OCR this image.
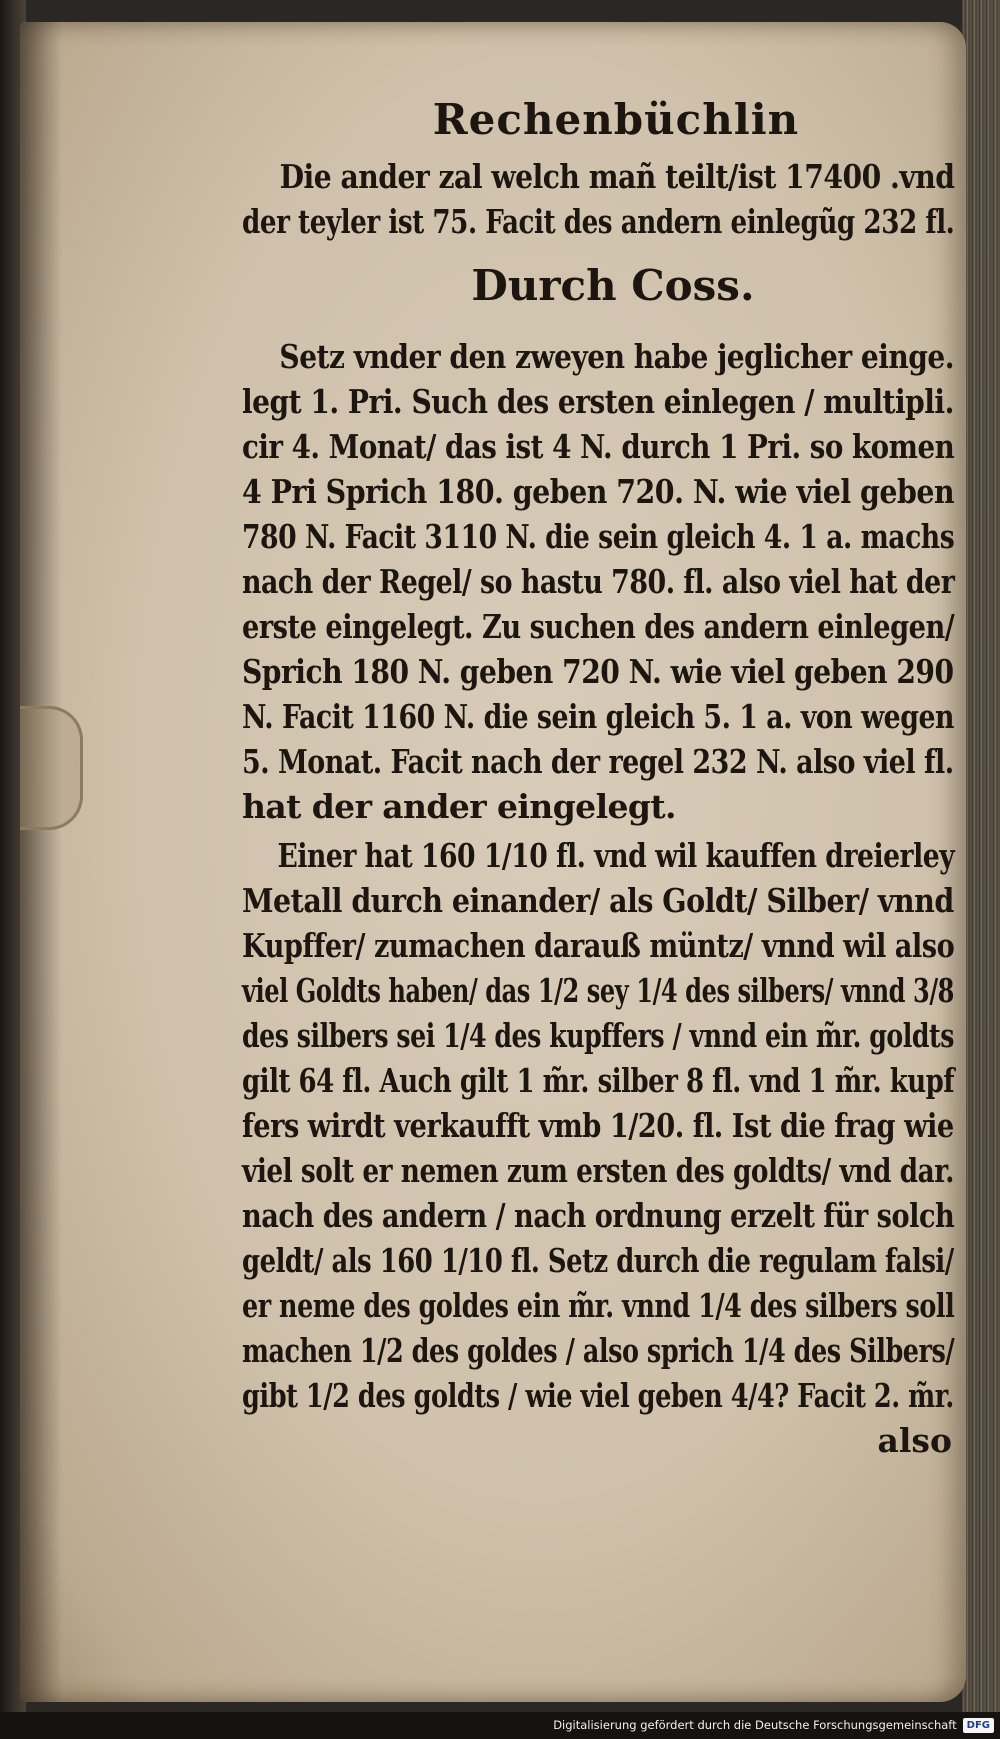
Rechenbüchlin
Die ander zal welch mañ teilt/ist 17400 .vnd
der teyler ist 75. Facit des andern einlegũg 232 fl.
Durch Coss.
Setz vnder den zweyen habe jeglicher einge.
legt 1. Pri. Such des ersten einlegen / multipli.
cir 4. Monat/ das ist 4 N. durch 1 Pri. so komen
4 Pri Sprich 180. geben 720. N. wie viel geben
780 N. Facit 3110 N. die sein gleich 4. 1 a. machs
nach der Regel/ so hastu 780. fl. also viel hat der
erste eingelegt. Zu suchen des andern einlegen/
Sprich 180 N. geben 720 N. wie viel geben 290
N. Facit 1160 N. die sein gleich 5. 1 a. von wegen
5. Monat. Facit nach der regel 232 N. also viel fl.
hat der ander eingelegt.
Einer hat 160 1/10 fl. vnd wil kauffen dreierley
Metall durch einander/ als Goldt/ Silber/ vnnd
Kupffer/ zumachen darauß müntz/ vnnd wil also
viel Goldts haben/ das 1/2 sey 1/4 des silbers/ vnnd 3/8
des silbers sei 1/4 des kupffers / vnnd ein m̃r. goldts
gilt 64 fl. Auch gilt 1 m̃r. silber 8 fl. vnd 1 m̃r. kupf
fers wirdt verkaufft vmb 1/20. fl. Ist die frag wie
viel solt er nemen zum ersten des goldts/ vnd dar.
nach des andern / nach ordnung erzelt für solch
geldt/ als 160 1/10 fl. Setz durch die regulam falsi/
er neme des goldes ein m̃r. vnnd 1/4 des silbers soll
machen 1/2 des goldes / also sprich 1/4 des Silbers/
gibt 1/2 des goldts / wie viel geben 4/4? Facit 2. m̃r.
also
Digitalisierung gefördert durch die Deutsche Forschungsgemeinschaft DFG
